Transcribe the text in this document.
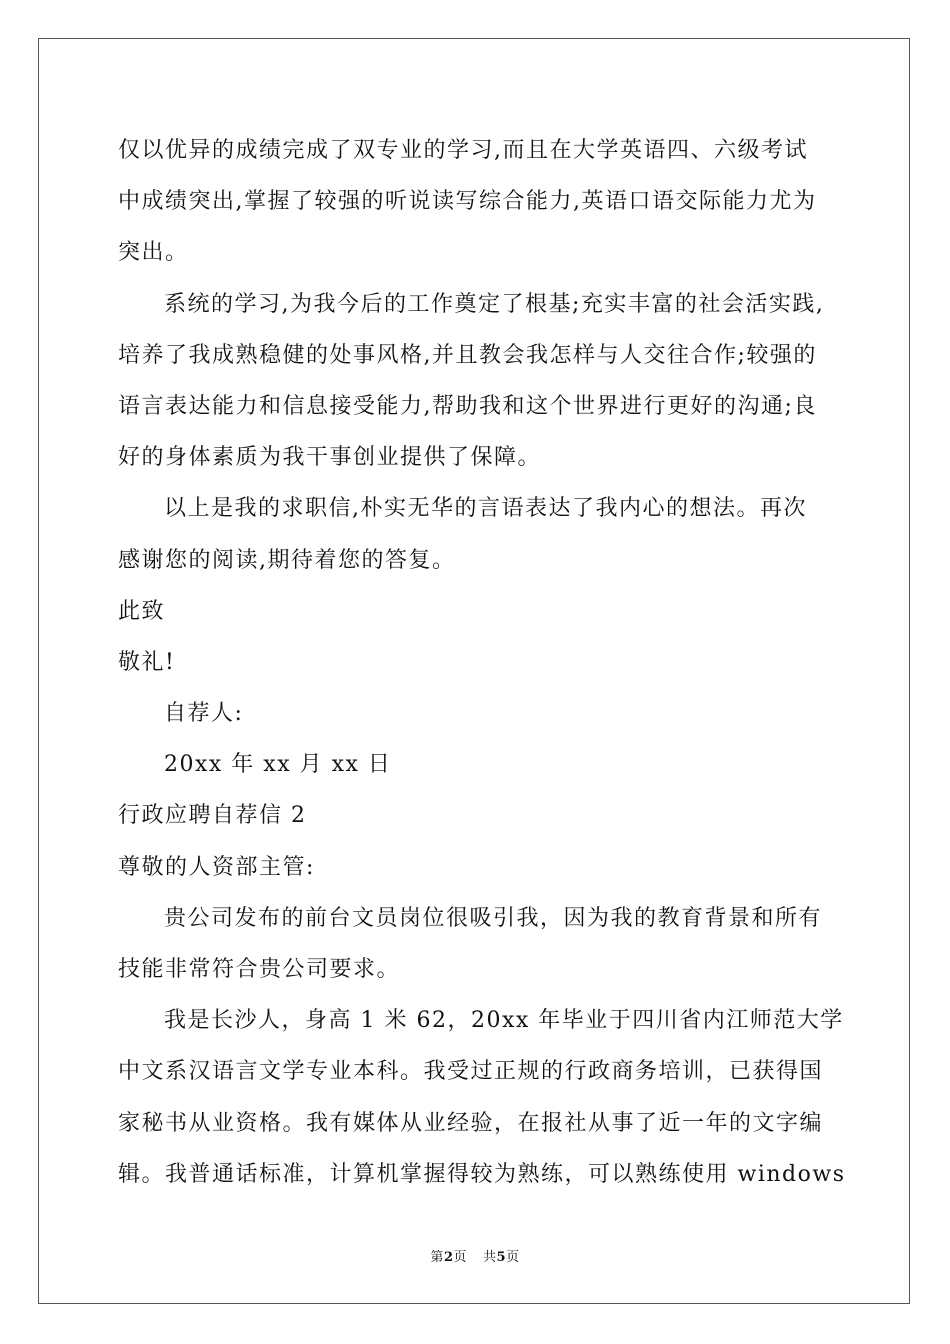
仅以优异的成绩完成了双专业的学习,而且在大学英语四、六级考试
中成绩突出,掌握了较强的听说读写综合能力,英语口语交际能力尤为
突出。
系统的学习,为我今后的工作奠定了根基;充实丰富的社会活实践,
培养了我成熟稳健的处事风格,并且教会我怎样与人交往合作;较强的
语言表达能力和信息接受能力,帮助我和这个世界进行更好的沟通;良
好的身体素质为我干事创业提供了保障。
以上是我的求职信,朴实无华的言语表达了我内心的想法。再次
感谢您的阅读,期待着您的答复。
此致
敬礼!
自荐人:
20xx 年 xx 月 xx 日
行政应聘自荐信 2
尊敬的人资部主管:
贵公司发布的前台文员岗位很吸引我，因为我的教育背景和所有
技能非常符合贵公司要求。
我是长沙人，身高 1 米 62，20xx 年毕业于四川省内江师范大学
中文系汉语言文学专业本科。我受过正规的行政商务培训，已获得国
家秘书从业资格。我有媒体从业经验，在报社从事了近一年的文字编
辑。我普通话标准，计算机掌握得较为熟练，可以熟练使用 windows
第2页 共5页
